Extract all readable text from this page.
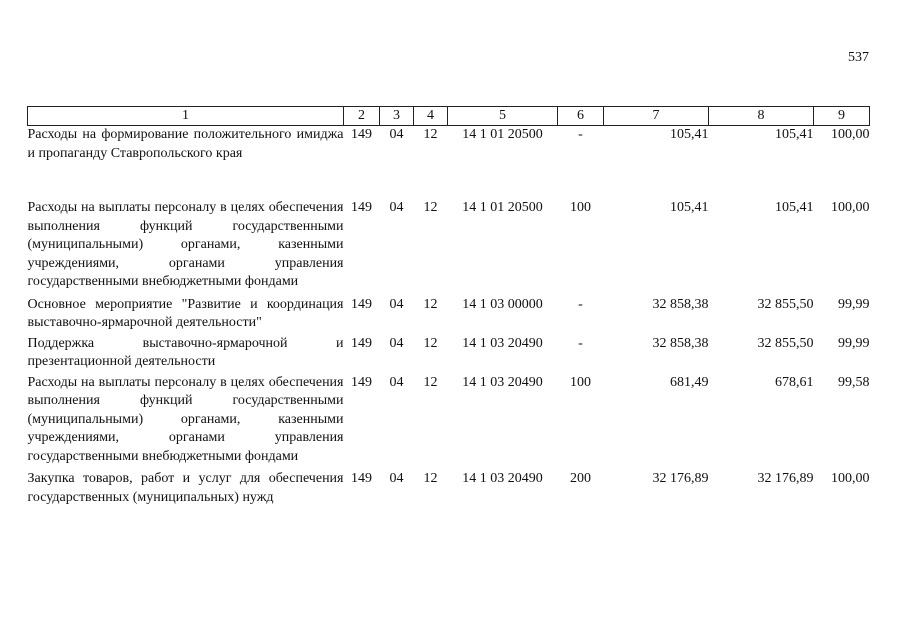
537
1	2	3	4	5	6	7	8	9
Расходы на формирование положительного имиджа и пропаганду Ставропольского края	149	04	12	14 1 01 20500	-	105,41	105,41	100,00
Расходы на выплаты персоналу в целях обеспечения выполнения функций государственными (муниципальными) органами, казенными учреждениями, органами управления государственными внебюджетными фондами	149	04	12	14 1 01 20500	100	105,41	105,41	100,00
Основное мероприятие "Развитие и координация выставочно-ярмарочной деятельности"	149	04	12	14 1 03 00000	-	32 858,38	32 855,50	99,99
Поддержка выставочно-ярмарочной и презентационной деятельности	149	04	12	14 1 03 20490	-	32 858,38	32 855,50	99,99
Расходы на выплаты персоналу в целях обеспечения выполнения функций государственными (муниципальными) органами, казенными учреждениями, органами управления государственными внебюджетными фондами	149	04	12	14 1 03 20490	100	681,49	678,61	99,58
Закупка товаров, работ и услуг для обеспечения государственных (муниципальных) нужд	149	04	12	14 1 03 20490	200	32 176,89	32 176,89	100,00
